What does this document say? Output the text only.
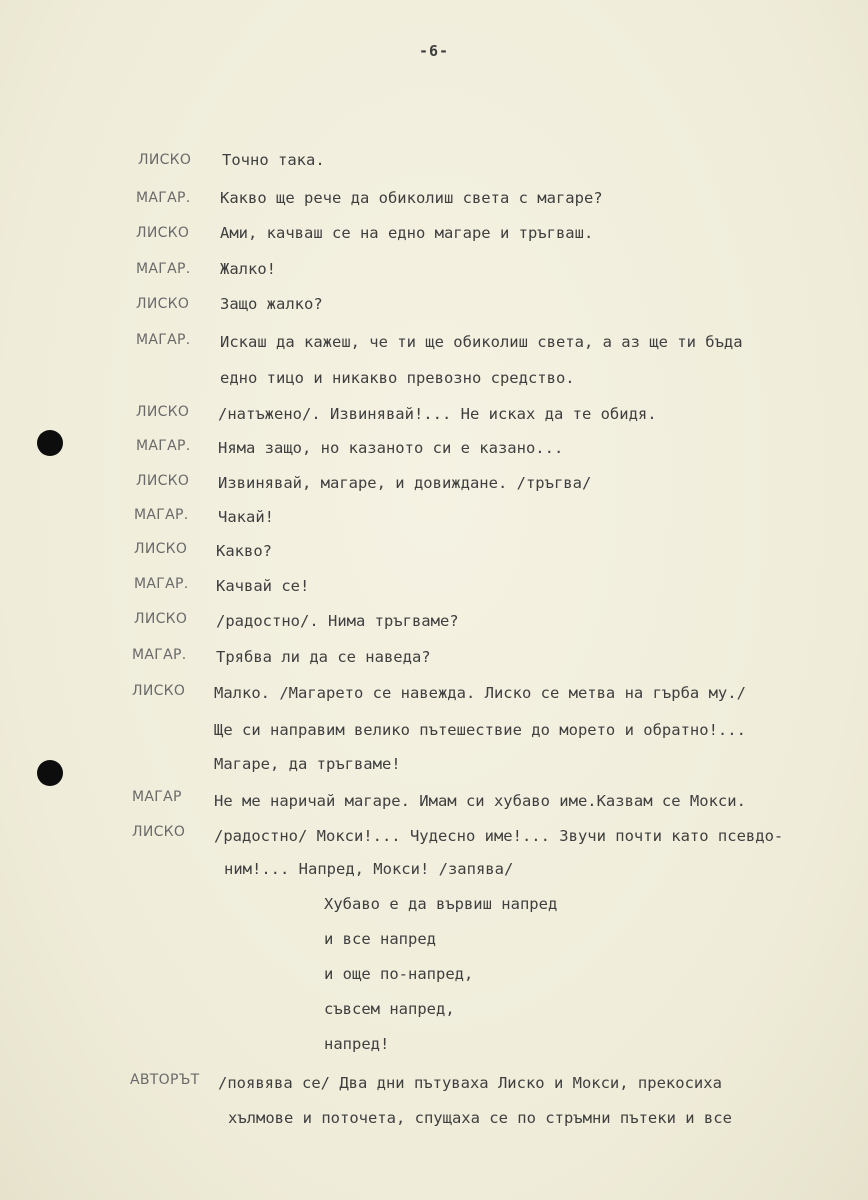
-6-
ЛИСКО Точно така.
МАГАР. Какво ще рече да обиколиш света с магаре?
ЛИСКО Ами, качваш се на едно магаре и тръгваш.
МАГАР. Жалко!
ЛИСКО Защо жалко?
МАГАР. Искаш да кажеш, че ти ще обиколиш света, а аз ще ти бъда
едно тицо и никакво превозно средство.
ЛИСКО /натъжено/. Извинявай!... Не исках да те обидя.
МАГАР. Няма защо, но казаното си е казано...
ЛИСКО Извинявай, магаре, и довиждане. /тръгва/
МАГАР. Чакай!
ЛИСКО Какво?
МАГАР. Качвай се!
ЛИСКО /радостно/. Нима тръгваме?
МАГАР. Трябва ли да се наведа?
ЛИСКО Малко. /Магарето се навежда. Лиско се метва на гърба му./
Ще си направим велико пътешествие до морето и обратно!...
Магаре, да тръгваме!
МАГАР Не ме наричай магаре. Имам си хубаво име.Казвам се Мокси.
ЛИСКО /радостно/ Мокси!... Чудесно име!... Звучи почти като псевдо-
ним!... Напред, Мокси! /запява/
Хубаво е да вървиш напред
и все напред
и още по-напред,
съвсем напред,
напред!
АВТОРЪТ /появява се/ Два дни пътуваха Лиско и Мокси, прекосиха
хълмове и поточета, спущаха се по стръмни пътеки и все
